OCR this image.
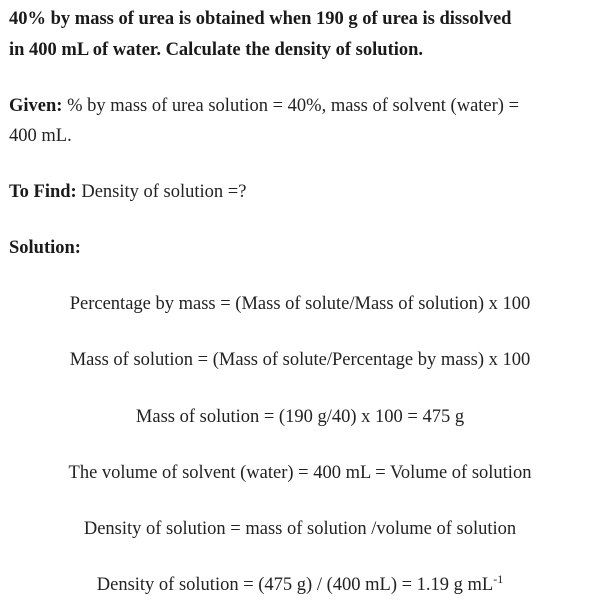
40% by mass of urea is obtained when 190 g of urea is dissolved
in 400 mL of water. Calculate the density of solution.
Given: % by mass of urea solution = 40%, mass of solvent (water) =
400 mL.
To Find: Density of solution =?
Solution:
Percentage by mass = (Mass of solute/Mass of solution) x 100
Mass of solution = (Mass of solute/Percentage by mass) x 100
Mass of solution = (190 g/40) x 100 = 475 g
The volume of solvent (water) = 400 mL = Volume of solution
Density of solution = mass of solution /volume of solution
Density of solution = (475 g) / (400 mL) = 1.19 g $mL^{-1}$
